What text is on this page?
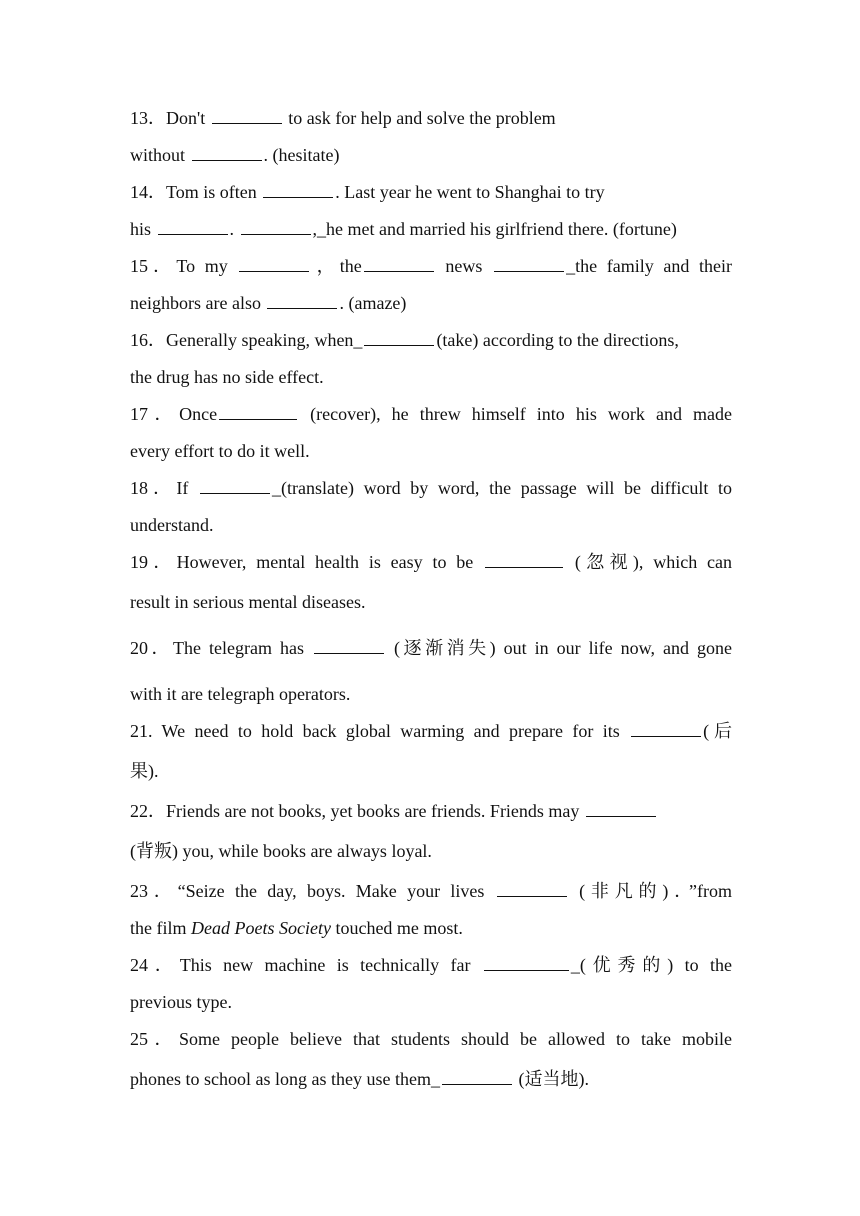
13．Don't	to ask for help and solve the problem
without	. (hesitate)
14．Tom is often	. Last year he went to Shanghai to try
his	.	,_he met and married his girlfriend there. (fortune)
15．To my	，the	news	_the family and their
neighbors are also	. (amaze)
16．Generally speaking, when_	(take) according to the directions,
the drug has no side effect.
17．Once	(recover), he threw himself into his work and made
every effort to do it well.
18．If	_(translate) word by word, the passage will be difficult to
understand.
19．However, mental health is easy to be	(忽视), which can
result in serious mental diseases.
20．The telegram has	(逐渐消失) out in our life now, and gone
with it are telegraph operators.
21. We need to hold back global warming and prepare for its	(后
果).
22．Friends are not books, yet books are friends. Friends may
(背叛) you, while books are always loyal.
23．“Seize the day, boys. Make your lives	(非凡的)．”from
the film Dead Poets Society touched me most.
24．This new machine is technically far	_(优秀的) to the
previous type.
25．Some people believe that students should be allowed to take mobile
phones to school as long as they use them_	(适当地).
